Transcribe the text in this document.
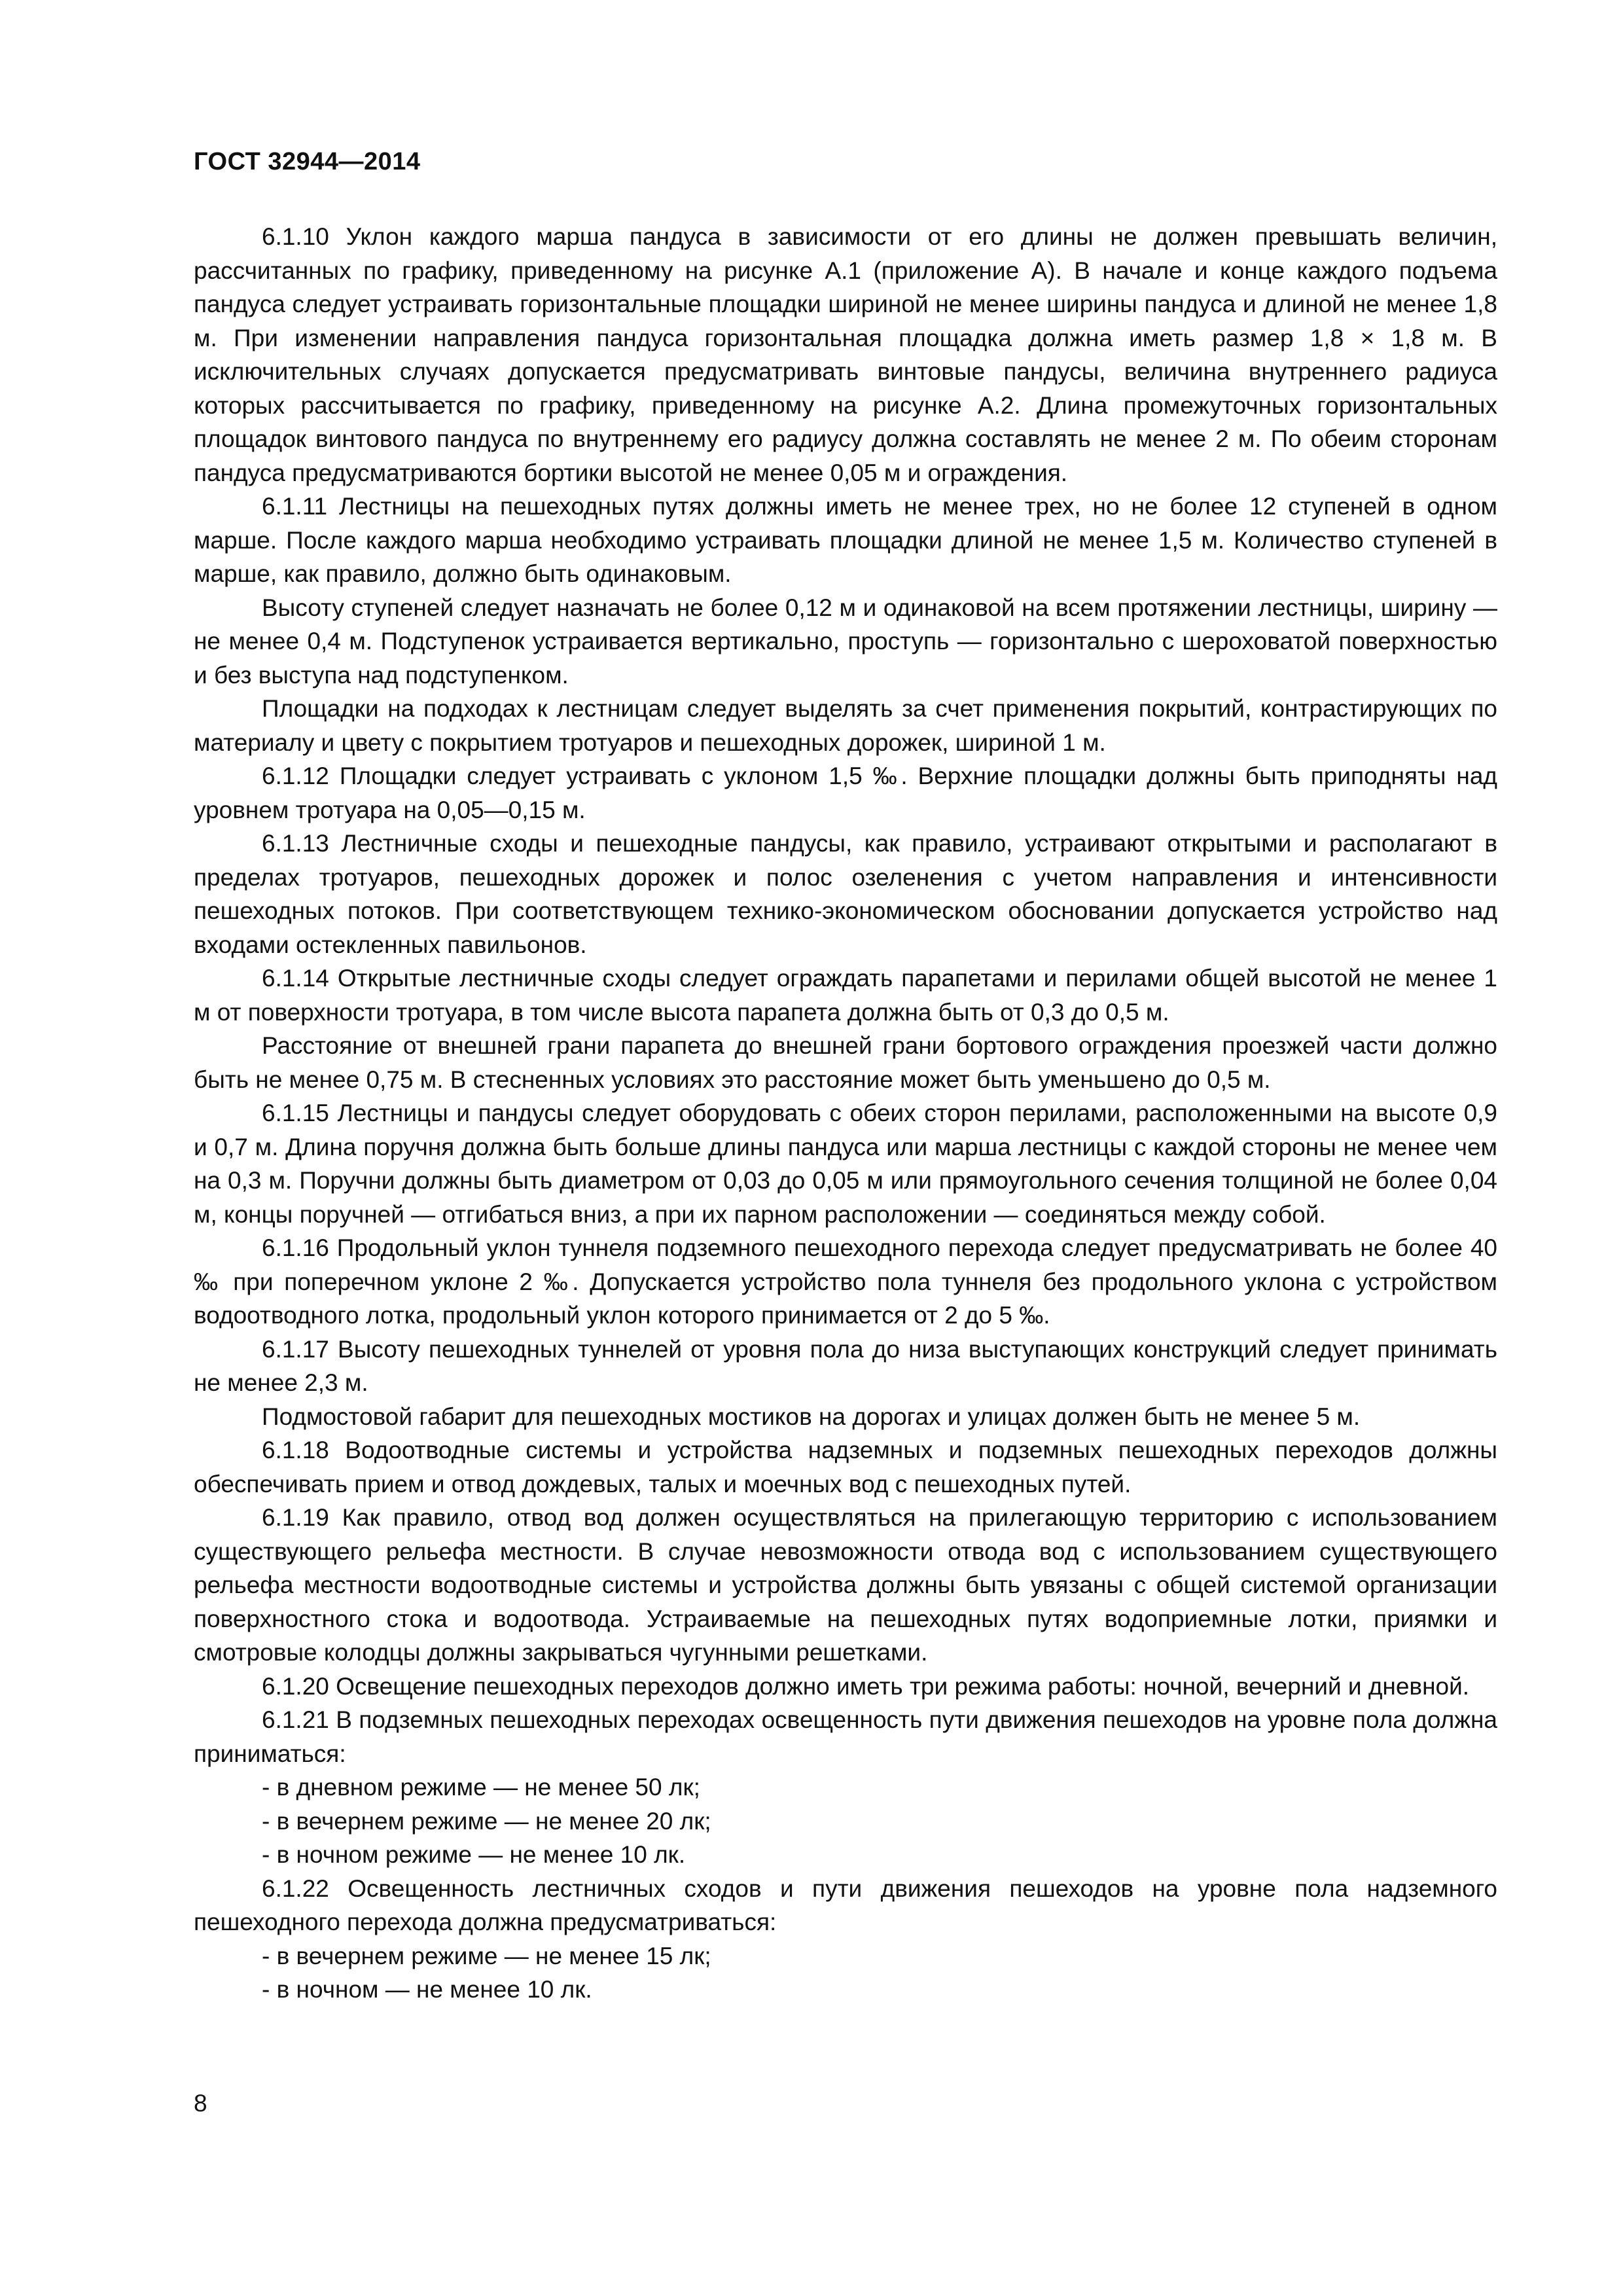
ГОСТ 32944—2014

6.1.10 Уклон каждого марша пандуса в зависимости от его длины не должен превышать величин, рассчитанных по графику, приведенному на рисунке А.1 (приложение А). В начале и конце каждого подъема пандуса следует устраивать горизонтальные площадки шириной не менее ширины пандуса и длиной не менее 1,8 м. При изменении направления пандуса горизонтальная площадка должна иметь размер 1,8 × 1,8 м. В исключительных случаях допускается предусматривать винтовые пандусы, величина внутреннего радиуса которых рассчитывается по графику, приведенному на рисунке А.2. Длина промежуточных горизонтальных площадок винтового пандуса по внутреннему его радиусу должна составлять не менее 2 м. По обеим сторонам пандуса предусматриваются бортики высотой не менее 0,05 м и ограждения.

6.1.11 Лестницы на пешеходных путях должны иметь не менее трех, но не более 12 ступеней в одном марше. После каждого марша необходимо устраивать площадки длиной не менее 1,5 м. Количество ступеней в марше, как правило, должно быть одинаковым.

Высоту ступеней следует назначать не более 0,12 м и одинаковой на всем протяжении лестницы, ширину — не менее 0,4 м. Подступенок устраивается вертикально, проступь — горизонтально с шероховатой поверхностью и без выступа над подступенком.

Площадки на подходах к лестницам следует выделять за счет применения покрытий, контрастирующих по материалу и цвету с покрытием тротуаров и пешеходных дорожек, шириной 1 м.

6.1.12 Площадки следует устраивать с уклоном 1,5 ‰. Верхние площадки должны быть приподняты над уровнем тротуара на 0,05—0,15 м.

6.1.13 Лестничные сходы и пешеходные пандусы, как правило, устраивают открытыми и располагают в пределах тротуаров, пешеходных дорожек и полос озеленения с учетом направления и интенсивности пешеходных потоков. При соответствующем технико-экономическом обосновании допускается устройство над входами остекленных павильонов.

6.1.14 Открытые лестничные сходы следует ограждать парапетами и перилами общей высотой не менее 1 м от поверхности тротуара, в том числе высота парапета должна быть от 0,3 до 0,5 м.

Расстояние от внешней грани парапета до внешней грани бортового ограждения проезжей части должно быть не менее 0,75 м. В стесненных условиях это расстояние может быть уменьшено до 0,5 м.

6.1.15 Лестницы и пандусы следует оборудовать с обеих сторон перилами, расположенными на высоте 0,9 и 0,7 м. Длина поручня должна быть больше длины пандуса или марша лестницы с каждой стороны не менее чем на 0,3 м. Поручни должны быть диаметром от 0,03 до 0,05 м или прямоугольного сечения толщиной не более 0,04 м, концы поручней — отгибаться вниз, а при их парном расположении — соединяться между собой.

6.1.16 Продольный уклон туннеля подземного пешеходного перехода следует предусматривать не более 40 ‰ при поперечном уклоне 2 ‰. Допускается устройство пола туннеля без продольного уклона с устройством водоотводного лотка, продольный уклон которого принимается от 2 до 5 ‰.

6.1.17 Высоту пешеходных туннелей от уровня пола до низа выступающих конструкций следует принимать не менее 2,3 м.

Подмостовой габарит для пешеходных мостиков на дорогах и улицах должен быть не менее 5 м.

6.1.18 Водоотводные системы и устройства надземных и подземных пешеходных переходов должны обеспечивать прием и отвод дождевых, талых и моечных вод с пешеходных путей.

6.1.19 Как правило, отвод вод должен осуществляться на прилегающую территорию с использованием существующего рельефа местности. В случае невозможности отвода вод с использованием существующего рельефа местности водоотводные системы и устройства должны быть увязаны с общей системой организации поверхностного стока и водоотвода. Устраиваемые на пешеходных путях водоприемные лотки, приямки и смотровые колодцы должны закрываться чугунными решетками.

6.1.20 Освещение пешеходных переходов должно иметь три режима работы: ночной, вечерний и дневной.

6.1.21 В подземных пешеходных переходах освещенность пути движения пешеходов на уровне пола должна приниматься:

- в дневном режиме — не менее 50 лк;

- в вечернем режиме — не менее 20 лк;

- в ночном режиме — не менее 10 лк.

6.1.22 Освещенность лестничных сходов и пути движения пешеходов на уровне пола надземного пешеходного перехода должна предусматриваться:

- в вечернем режиме — не менее 15 лк;

- в ночном — не менее 10 лк.

8
